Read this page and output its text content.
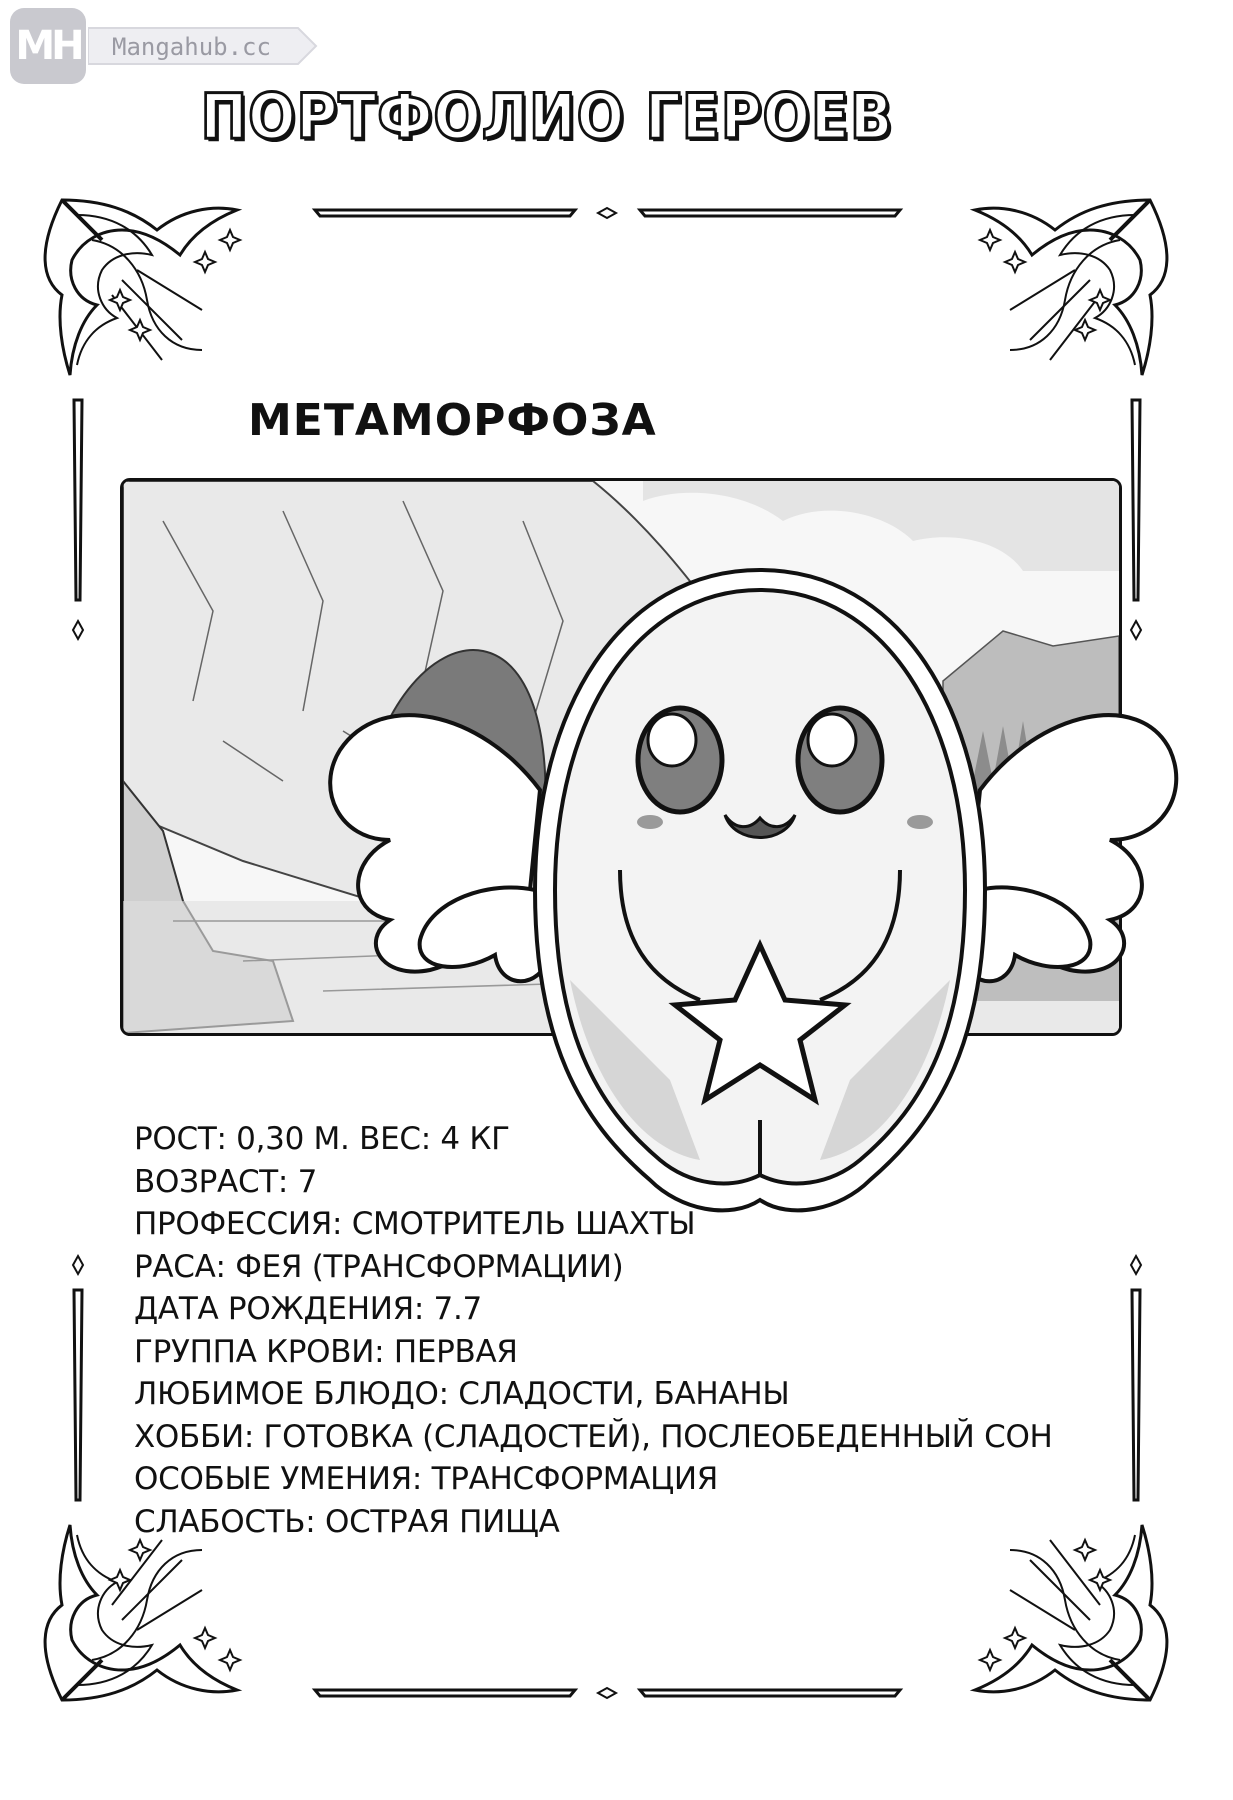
MH Mangahub.cc
ПОРТФОЛИО ГЕРОЕВ
МЕТАМОРФОЗА
РОСТ: 0,30 М. ВЕС: 4 КГ
ВОЗРАСТ: 7
ПРОФЕССИЯ: СМОТРИТЕЛЬ ШАХТЫ
РАСА: ФЕЯ (ТРАНСФОРМАЦИИ)
ДАТА РОЖДЕНИЯ: 7.7
ГРУППА КРОВИ: ПЕРВАЯ
ЛЮБИМОЕ БЛЮДО: СЛАДОСТИ, БАНАНЫ
ХОББИ: ГОТОВКА (СЛАДОСТЕЙ), ПОСЛЕОБЕДЕННЫЙ СОН
ОСОБЫЕ УМЕНИЯ: ТРАНСФОРМАЦИЯ
СЛАБОСТЬ: ОСТРАЯ ПИЩА
